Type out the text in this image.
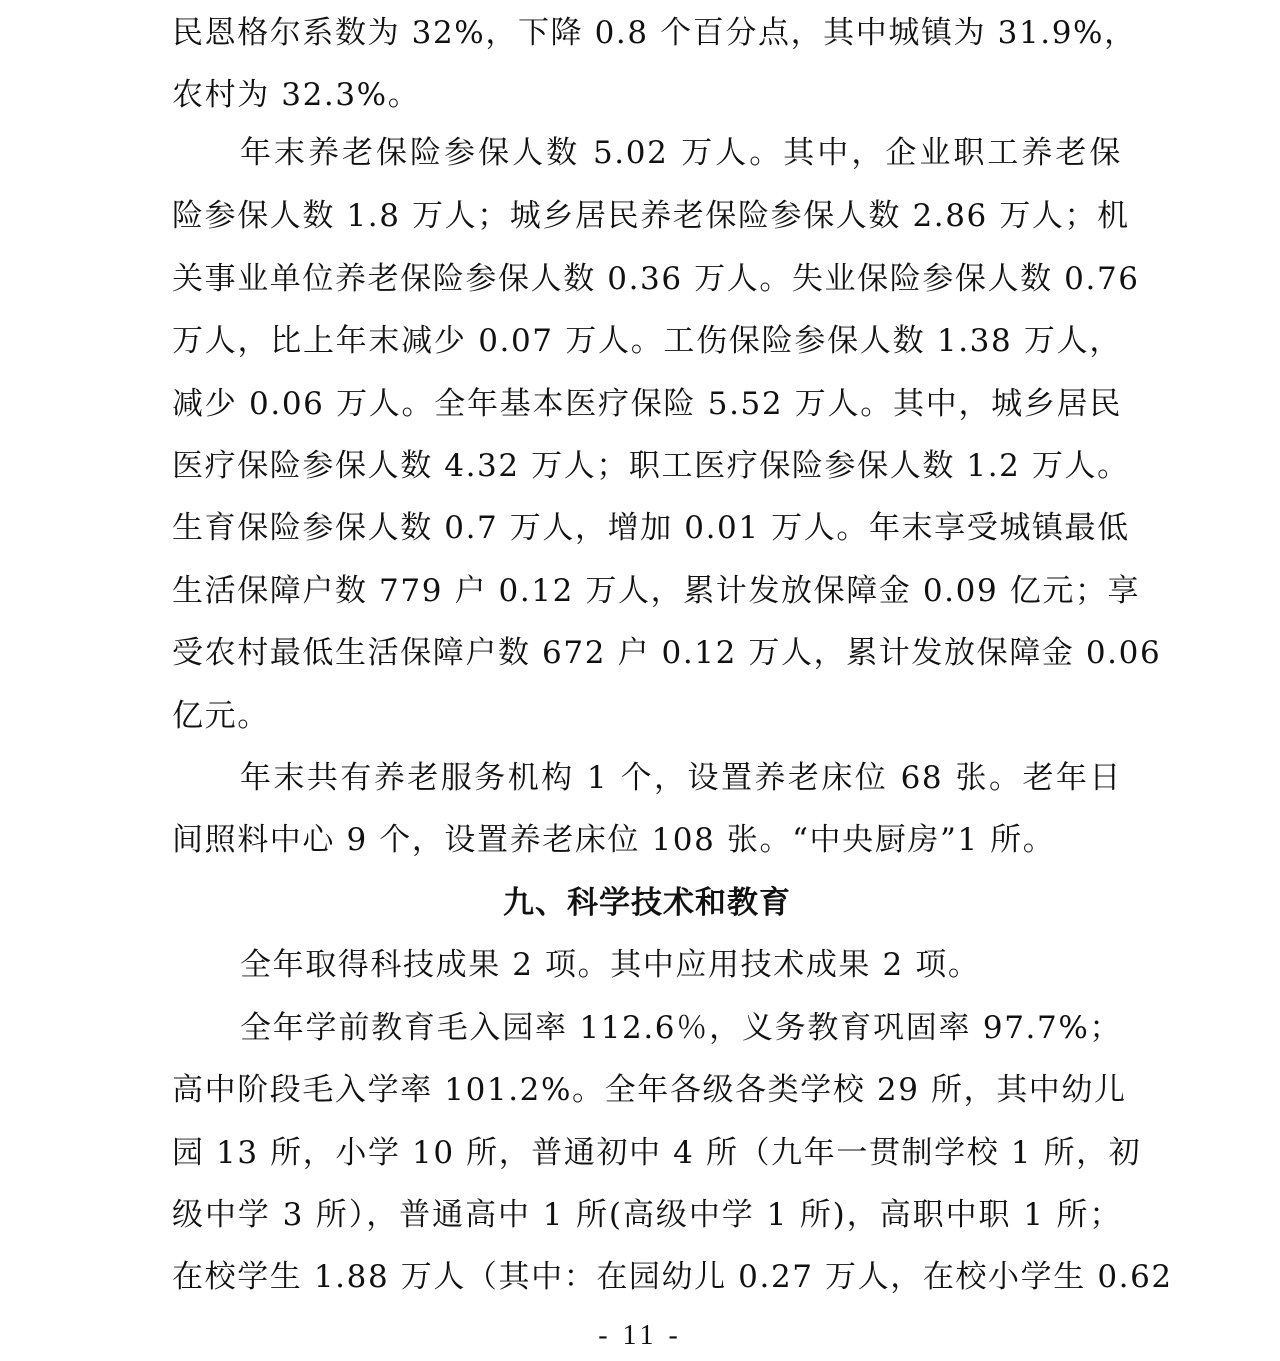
民恩格尔系数为 32%，下降 0.8 个百分点，其中城镇为 31.9%，
农村为 32.3%。
年末养老保险参保人数 5.02 万人。其中，企业职工养老保
险参保人数 1.8 万人；城乡居民养老保险参保人数 2.86 万人；机
关事业单位养老保险参保人数 0.36 万人。失业保险参保人数 0.76
万人，比上年末减少 0.07 万人。工伤保险参保人数 1.38 万人，
减少 0.06 万人。全年基本医疗保险 5.52 万人。其中，城乡居民
医疗保险参保人数 4.32 万人；职工医疗保险参保人数 1.2 万人。
生育保险参保人数 0.7 万人，增加 0.01 万人。年末享受城镇最低
生活保障户数 779 户 0.12 万人，累计发放保障金 0.09 亿元；享
受农村最低生活保障户数 672 户 0.12 万人，累计发放保障金 0.06
亿元。
年末共有养老服务机构 1 个，设置养老床位 68 张。老年日
间照料中心 9 个，设置养老床位 108 张。“中央厨房”1 所。
九、科学技术和教育
全年取得科技成果 2 项。其中应用技术成果 2 项。
全年学前教育毛入园率 112.6％，义务教育巩固率 97.7%；
高中阶段毛入学率 101.2%。全年各级各类学校 29 所，其中幼儿
园 13 所，小学 10 所，普通初中 4 所（九年一贯制学校 1 所，初
级中学 3 所），普通高中 1 所(高级中学 1 所)，高职中职 1 所；
在校学生 1.88 万人（其中：在园幼儿 0.27 万人，在校小学生 0.62
- 11 -
